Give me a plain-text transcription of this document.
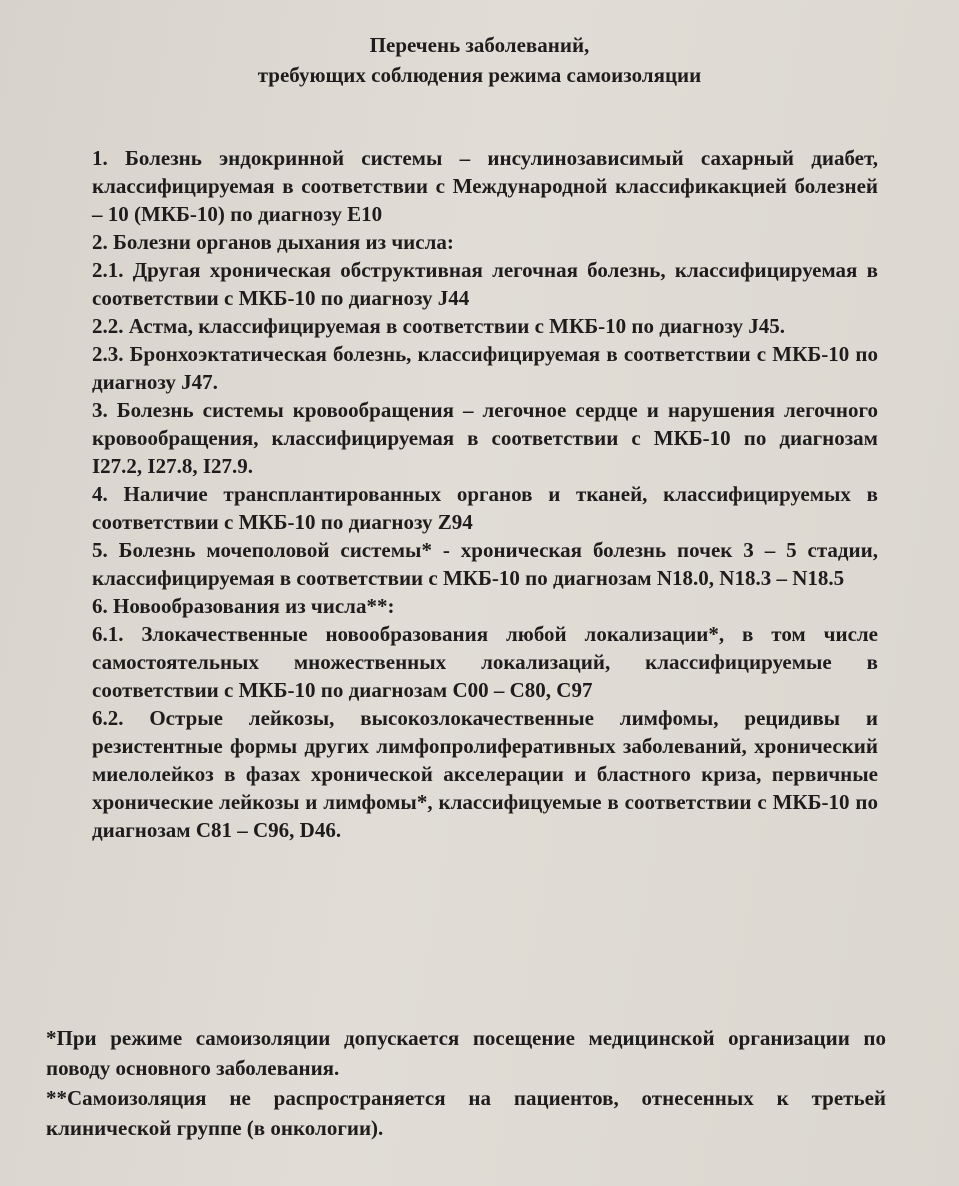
Перечень заболеваний,
требующих соблюдения режима самоизоляции

1. Болезнь эндокринной системы – инсулинозависимый сахарный диабет, классифицируемая в соответствии с Международной классификакцией болезней – 10 (МКБ-10) по диагнозу Е10

2. Болезни органов дыхания из числа:

2.1. Другая хроническая обструктивная легочная болезнь, классифицируемая в соответствии с МКБ-10 по диагнозу J44

2.2. Астма, классифицируемая в соответствии с МКБ-10 по диагнозу J45.

2.3. Бронхоэктатическая болезнь, классифицируемая в соответствии с МКБ-10 по диагнозу J47.

3. Болезнь системы кровообращения – легочное сердце и нарушения легочного кровообращения, классифицируемая в соответствии с МКБ-10 по диагнозам I27.2, I27.8, I27.9.

4. Наличие трансплантированных органов и тканей, классифицируемых в соответствии с МКБ-10 по диагнозу Z94

5. Болезнь мочеполовой системы* - хроническая болезнь почек 3 – 5 стадии, классифицируемая в соответствии с МКБ-10 по диагнозам N18.0, N18.3 – N18.5

6. Новообразования из числа**:

6.1. Злокачественные новообразования любой локализации*, в том числе самостоятельных множественных локализаций, классифицируемые в соответствии с МКБ-10 по диагнозам С00 – С80, С97

6.2. Острые лейкозы, высокозлокачественные лимфомы, рецидивы и резистентные формы других лимфопролиферативных заболеваний, хронический миелолейкоз в фазах хронической акселерации и бластного криза, первичные хронические лейкозы и лимфомы*, классифицуемые в соответствии с МКБ-10 по диагнозам С81 – С96, D46.

*При режиме самоизоляции допускается посещение медицинской организации по поводу основного заболевания.

**Самоизоляция не распространяется на пациентов, отнесенных к третьей клинической группе (в онкологии).
